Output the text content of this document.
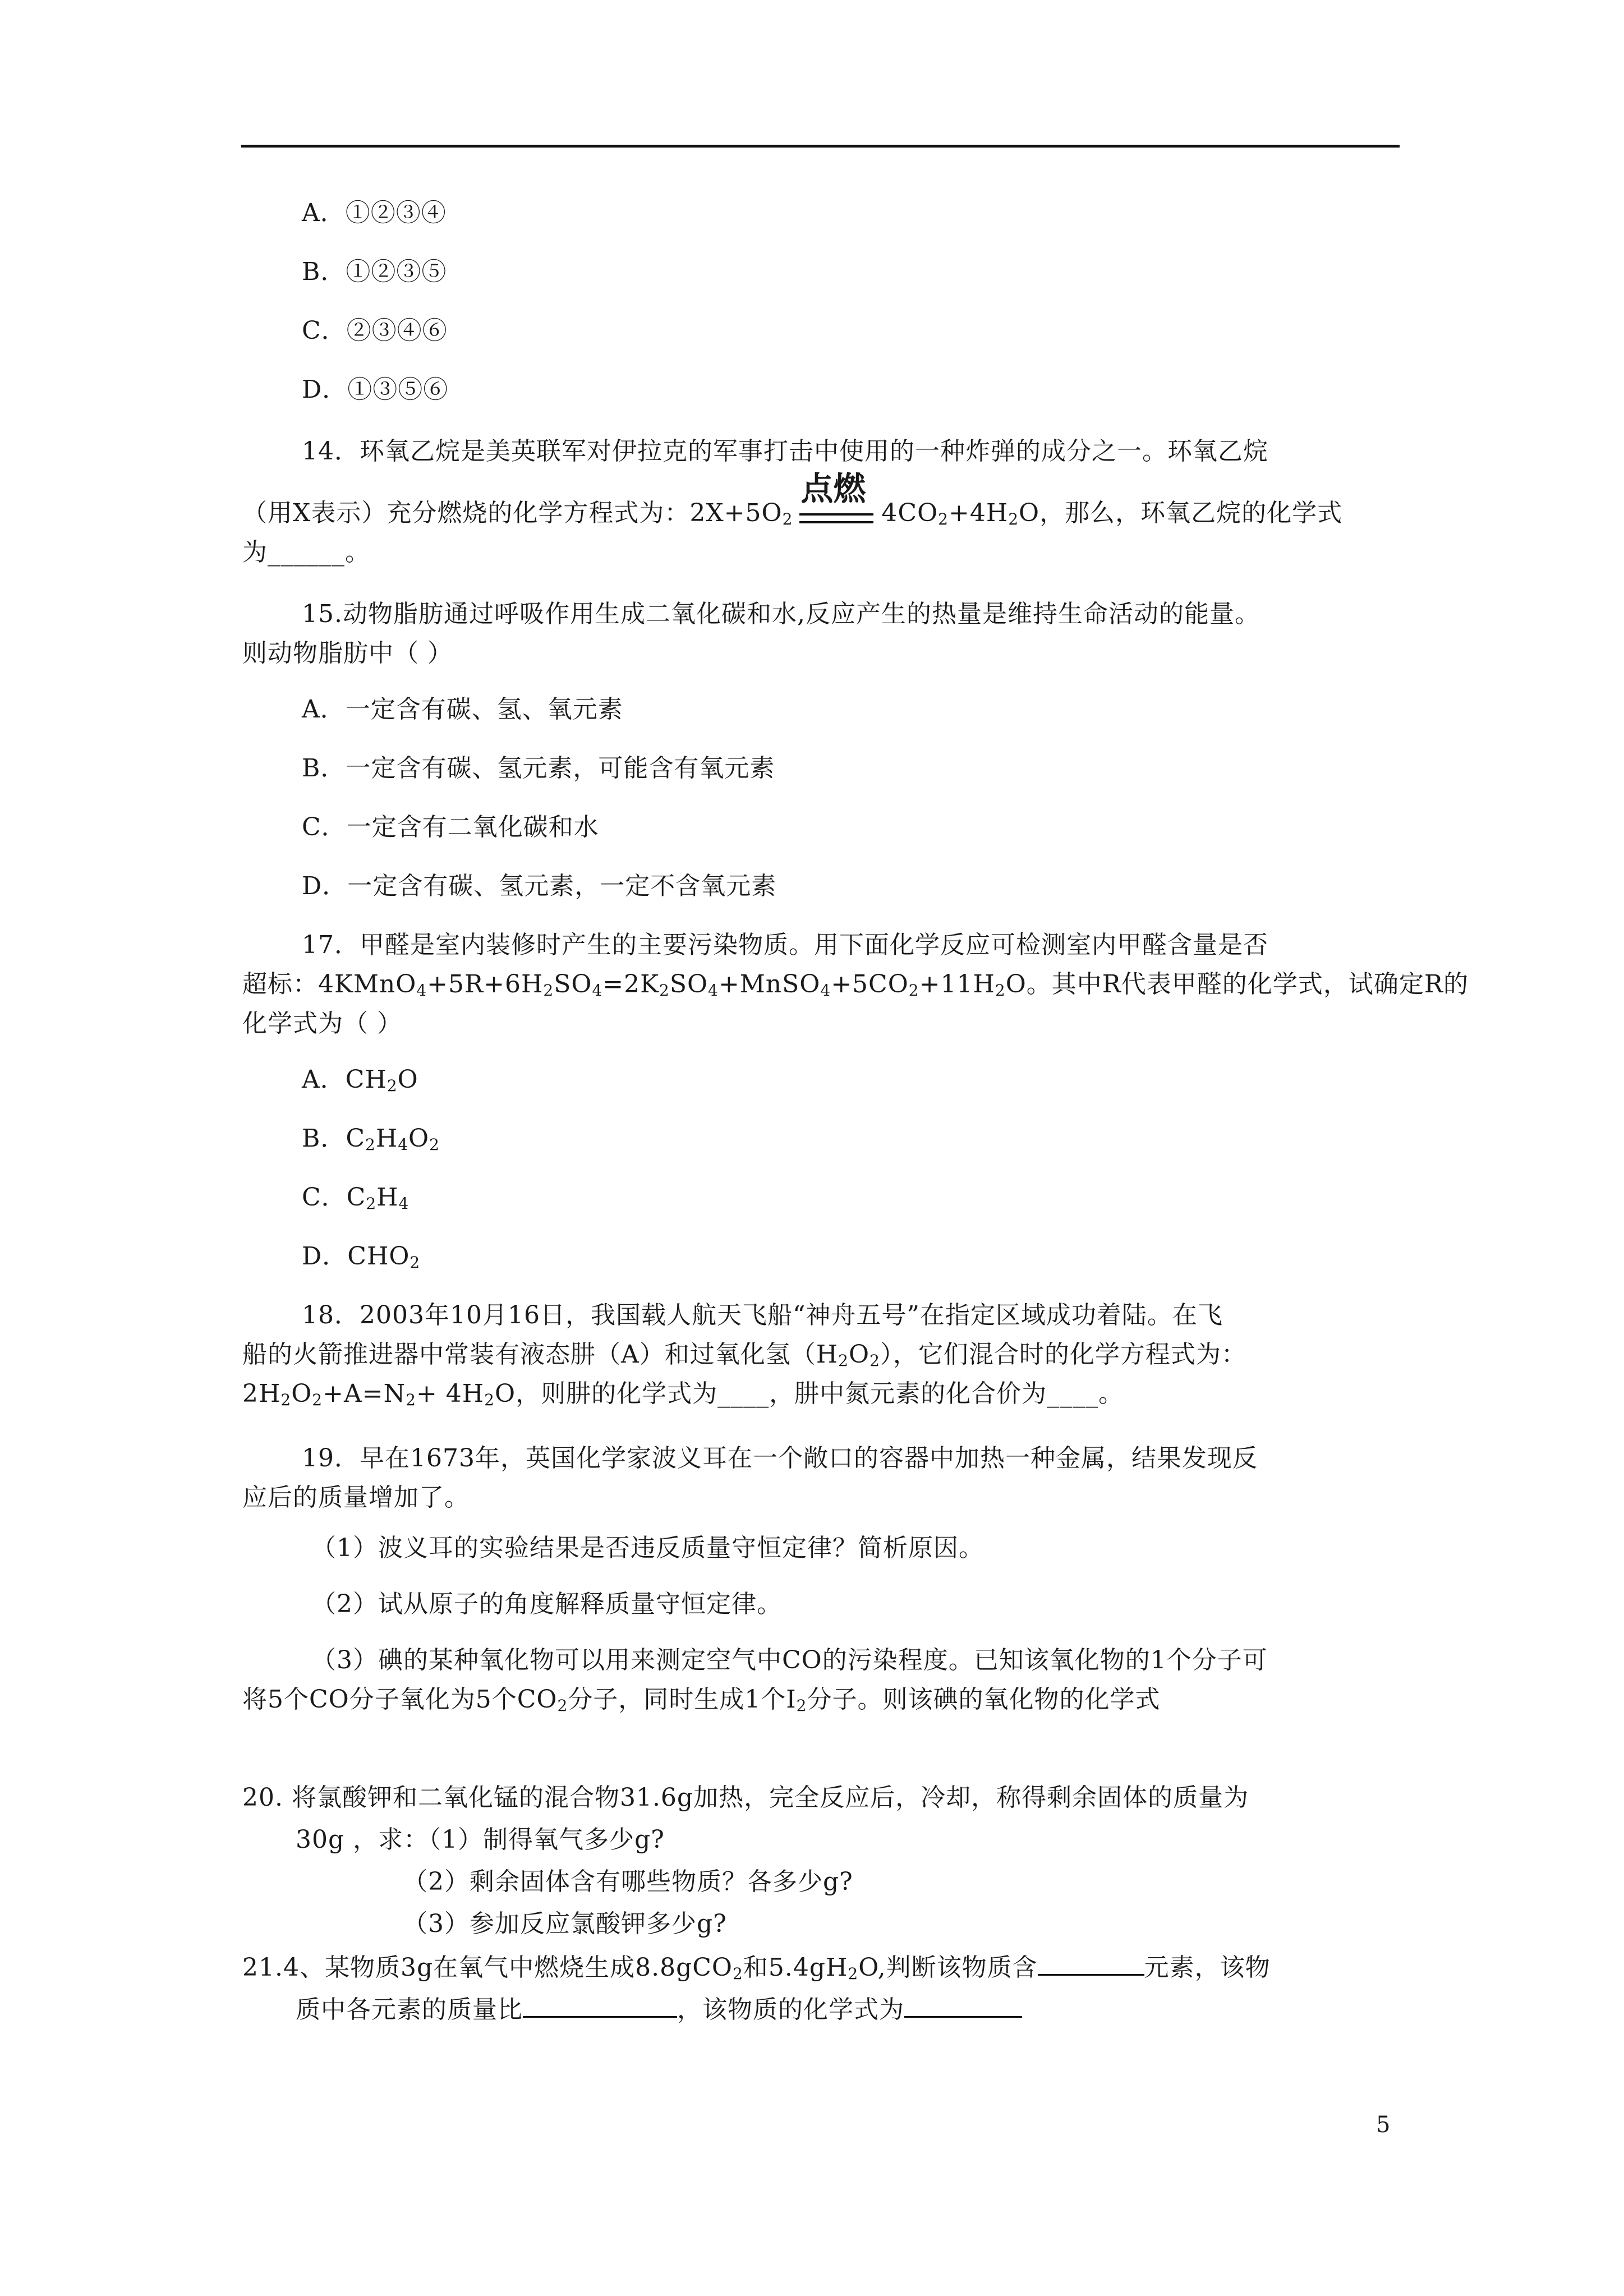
A．①②③④
B．①②③⑤
C．②③④⑥
D．①③⑤⑥
14．环氧乙烷是美英联军对伊拉克的军事打击中使用的一种炸弹的成分之一。环氧乙烷
（用X表示）充分燃烧的化学方程式为：$2X+5O_2$
点燃
$4CO_2+4H_2O$，那么，环氧乙烷的化学式
为______。
15.动物脂肪通过呼吸作用生成二氧化碳和水,反应产生的热量是维持生命活动的能量。
则动物脂肪中（ ）
A．一定含有碳、氢、氧元素
B．一定含有碳、氢元素，可能含有氧元素
C．一定含有二氧化碳和水
D．一定含有碳、氢元素，一定不含氧元素
17．甲醛是室内装修时产生的主要污染物质。用下面化学反应可检测室内甲醛含量是否
超标：$4KMnO_4+5R+6H_2SO_4=2K_2SO_4+MnSO_4+5CO_2+11H_2O$。其中R代表甲醛的化学式，试确定R的
化学式为（ ）
A．$CH_2O$
B．$C_2H_4O_2$
C．$C_2H_4$
D．$CHO_2$
18．2003年10月16日，我国载人航天飞船“神舟五号”在指定区域成功着陆。在飞
船的火箭推进器中常装有液态肼（A）和过氧化氢$(H_2O_2)$，它们混合时的化学方程式为：
$2H_2O_2+A=N_2+ 4H_2O$，则肼的化学式为____，肼中氮元素的化合价为____。
19．早在1673年，英国化学家波义耳在一个敞口的容器中加热一种金属，结果发现反
应后的质量增加了。
（1）波义耳的实验结果是否违反质量守恒定律？简析原因。
（2）试从原子的角度解释质量守恒定律。
（3）碘的某种氧化物可以用来测定空气中CO的污染程度。已知该氧化物的1个分子可
将5个CO分子氧化为5个$CO_2$分子，同时生成1个$I_2$分子。则该碘的氧化物的化学式
20. 将氯酸钾和二氧化锰的混合物31.6g加热，完全反应后，冷却，称得剩余固体的质量为
30g ，求：（1）制得氧气多少g?
（2）剩余固体含有哪些物质？各多少g?
（3）参加反应氯酸钾多少g?
21.4、某物质3g在氧气中燃烧生成8.8gCO$_2$和$5.4gH_2O$,判断该物质含	元素，该物
质中各元素的质量比	，该物质的化学式为
5
